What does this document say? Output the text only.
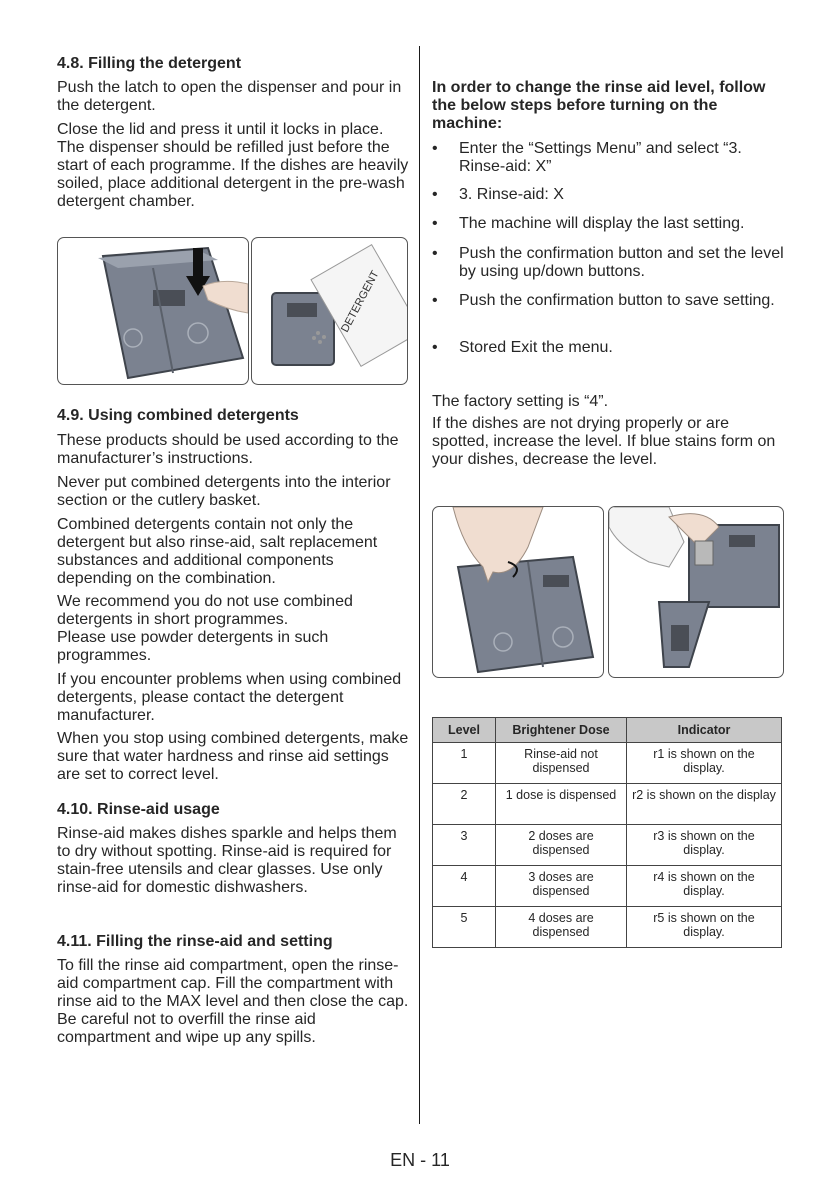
4.8. Filling the detergent

Push the latch to open the dispenser and pour in the detergent.

Close the lid and press it until it locks in place. The dispenser should be refilled just before the start of each programme. If the dishes are heavily soiled, place additional detergent in the pre-wash detergent chamber.

DETERGENT
4.9. Using combined detergents

These products should be used according to the manufacturer’s instructions.

Never put combined detergents into the interior section or the cutlery basket.

Combined detergents contain not only the detergent but also rinse-aid, salt replacement substances and additional components depending on the combination.

We recommend you do not use combined detergents in short programmes.

Please use powder detergents in such programmes.

If you encounter problems when using combined detergents, please contact the detergent manufacturer.

When you stop using combined detergents, make sure that water hardness and rinse aid settings are set to correct level.

4.10. Rinse-aid usage

Rinse-aid makes dishes sparkle and helps them to dry without spotting. Rinse-aid is required for stain-free utensils and clear glasses. Use only rinse-aid for domestic dishwashers.

4.11. Filling the rinse-aid and setting

To fill the rinse aid compartment, open the rinse-aid compartment cap. Fill the compartment with rinse aid to the MAX level and then close the cap. Be careful not to overfill the rinse aid compartment and wipe up any spills.

In order to change the rinse aid level, follow the below steps before turning on the machine:

• Enter the “Settings Menu” and select “3. Rinse-aid: X”
• 3. Rinse-aid: X
• The machine will display the last setting.
• Push the confirmation button and set the level by using up/down buttons.
• Push the confirmation button to save setting.
• Stored Exit the menu.

The factory setting is “4”.

If the dishes are not drying properly or are spotted, increase the level. If blue stains form on your dishes, decrease the level.

Level	Brightener Dose	Indicator
1	Rinse-aid not dispensed	r1 is shown on the display.
2	1 dose is dispensed	r2 is shown on the display
3	2 doses are dispensed	r3 is shown on the display.
4	3 doses are dispensed	r4 is shown on the display.
5	4 doses are dispensed	r5 is shown on the display.
EN - 11
